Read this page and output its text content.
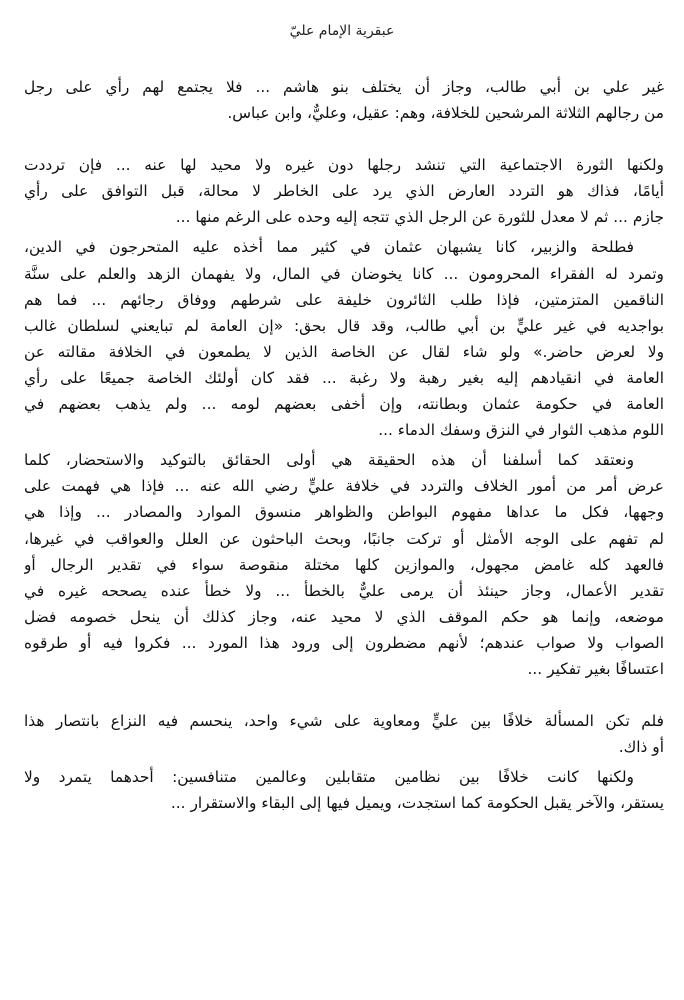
عبقرية الإمام عليّ
غير علي بن أبي طالب، وجاز أن يختلف بنو هاشم ... فلا يجتمع لهم رأي على رجل
من رجالهم الثلاثة المرشحين للخلافة، وهم: عقيل، وعليٌّ، وابن عباس.
ولكنها الثورة الاجتماعية التي تنشد رجلها دون غيره ولا محيد لها عنه ... فإن ترددت
أيامًا، فذاك هو التردد العارض الذي يرد على الخاطر لا محالة، قبل التوافق على رأي
جازم ... ثم لا معدل للثورة عن الرجل الذي تتجه إليه وحده على الرغم منها ...
فطلحة والزبير، كانا يشبهان عثمان في كثير مما أخذه عليه المتحرجون في الدين،
وتمرد له الفقراء المحرومون ... كانا يخوضان في المال، ولا يفهمان الزهد والعلم على سنَّة
الناقمين المتزمتين، فإذا طلب الثائرون خليفة على شرطهم ووفاق رجائهم ... فما هم
بواجديه في غير عليٍّ بن أبي طالب، وقد قال بحق: «إن العامة لم تبايعني لسلطان غالب
ولا لعرض حاضر.» ولو شاء لقال عن الخاصة الذين لا يطمعون في الخلافة مقالته عن
العامة في انقيادهم إليه بغير رهبة ولا رغبة ... فقد كان أولئك الخاصة جميعًا على رأي
العامة في حكومة عثمان وبطانته، وإن أخفى بعضهم لومه ... ولم يذهب بعضهم في
اللوم مذهب الثوار في النزق وسفك الدماء ...
ونعتقد كما أسلفنا أن هذه الحقيقة هي أولى الحقائق بالتوكيد والاستحضار، كلما
عرض أمر من أمور الخلاف والتردد في خلافة عليٍّ رضي الله عنه ... فإذا هي فهمت على
وجهها، فكل ما عداها مفهوم البواطن والظواهر منسوق الموارد والمصادر ... وإذا هي
لم تفهم على الوجه الأمثل أو تركت جانبًا، وبحث الباحثون عن العلل والعواقب في غيرها،
فالعهد كله غامض مجهول، والموازين كلها مختلة منقوصة سواء في تقدير الرجال أو
تقدير الأعمال، وجاز حينئذ أن يرمى عليٌّ بالخطأ ... ولا خطأ عنده يصححه غيره في
موضعه، وإنما هو حكم الموقف الذي لا محيد عنه، وجاز كذلك أن ينحل خصومه فضل
الصواب ولا صواب عندهم؛ لأنهم مضطرون إلى ورود هذا المورد ... فكروا فيه أو طرقوه
اعتسافًا بغير تفكير ...
فلم تكن المسألة خلافًا بين عليٍّ ومعاوية على شيء واحد، ينحسم فيه النزاع بانتصار هذا
أو ذاك.
ولكنها كانت خلافًا بين نظامين متقابلين وعالمين متنافسين: أحدهما يتمرد ولا
يستقر، والآخر يقبل الحكومة كما استجدت، ويميل فيها إلى البقاء والاستقرار ...
